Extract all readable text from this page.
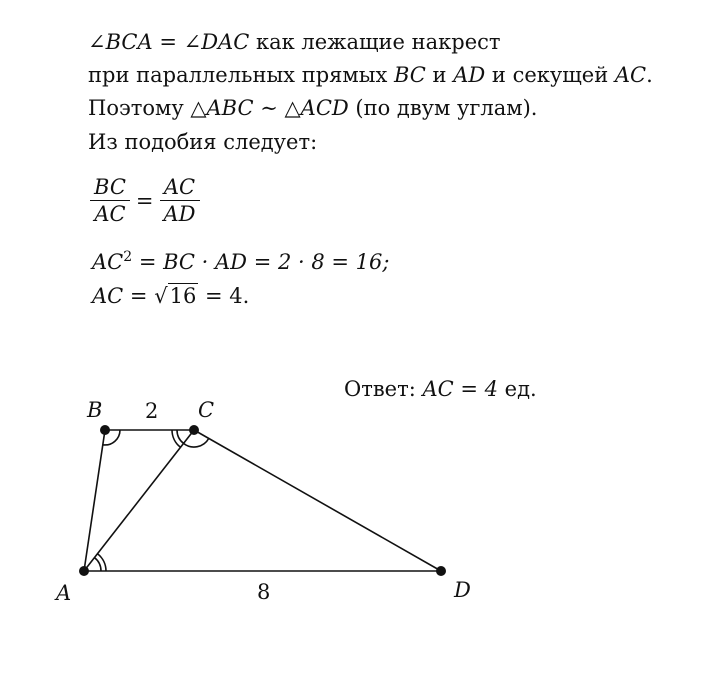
∠BCA = ∠DAC как лежащие накрест
при параллельных прямых BC и AD и секущей AC.
Поэтому △ABC ∼ △ACD (по двум углам).
Из подобия следует:
$\frac{BC}{AC} = \frac{AC}{AD}$
$AC^2$ = BC · AD = 2 · 8 = 16;
AC = √16 = 4.
Ответ: AC = 4 ед.
A
B	C
D
2
8
